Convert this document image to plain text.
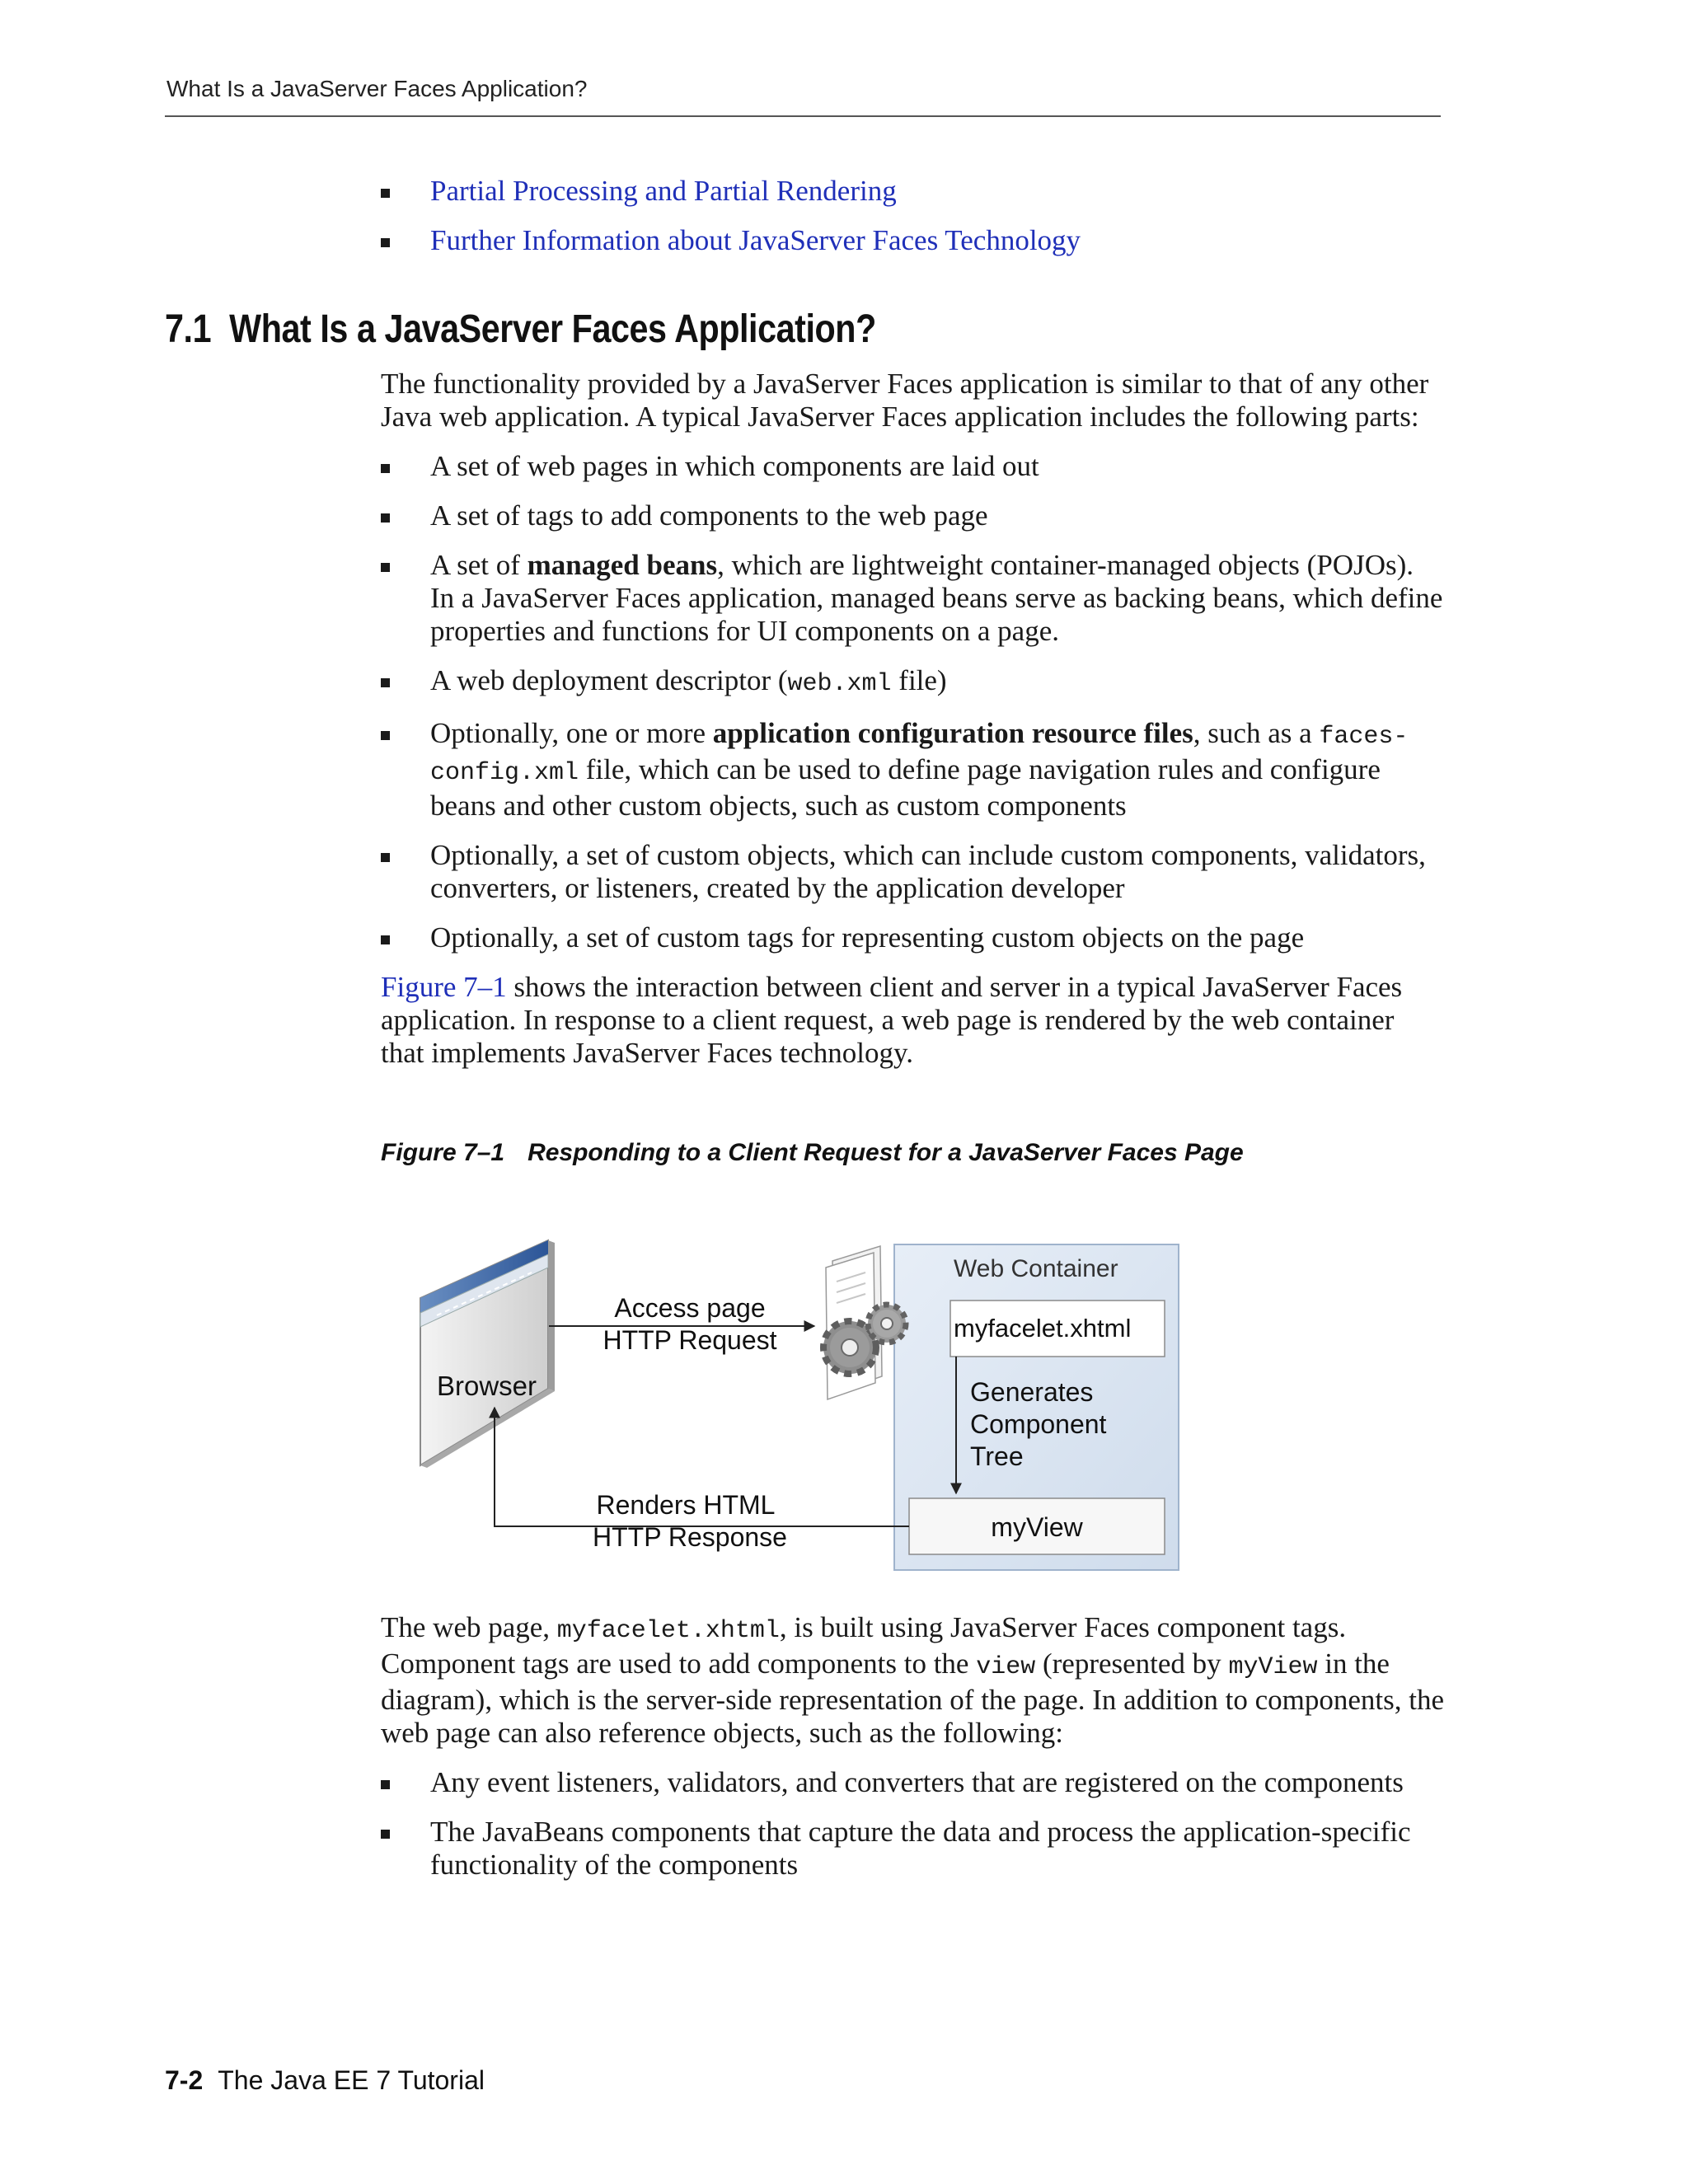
What Is a JavaServer Faces Application?
Partial Processing and Partial Rendering
Further Information about JavaServer Faces Technology
7.1 What Is a JavaServer Faces Application?

The functionality provided by a JavaServer Faces application is similar to that of any other Java web application. A typical JavaServer Faces application includes the following parts:

A set of web pages in which components are laid out
A set of tags to add components to the web page
A set of managed beans, which are lightweight container-managed objects (POJOs). In a JavaServer Faces application, managed beans serve as backing beans, which define properties and functions for UI components on a page.
A web deployment descriptor (web.xml file)
Optionally, one or more application configuration resource files, such as a faces-config.xml file, which can be used to define page navigation rules and configure beans and other custom objects, such as custom components
Optionally, a set of custom objects, which can include custom components, validators, converters, or listeners, created by the application developer
Optionally, a set of custom tags for representing custom objects on the page

Figure 7–1 shows the interaction between client and server in a typical JavaServer Faces application. In response to a client request, a web page is rendered by the web container that implements JavaServer Faces technology.

Figure 7–1 Responding to a Client Request for a JavaServer Faces Page
Web Container
myfacelet.xhtml
Generates
Component
Tree
myView
Browser
Access page
HTTP Request
Renders HTML
HTTP Response

The web page, myfacelet.xhtml, is built using JavaServer Faces component tags. Component tags are used to add components to the view (represented by myView in the diagram), which is the server-side representation of the page. In addition to components, the web page can also reference objects, such as the following:

Any event listeners, validators, and converters that are registered on the components
The JavaBeans components that capture the data and process the application-specific functionality of the components
7-2 The Java EE 7 Tutorial
